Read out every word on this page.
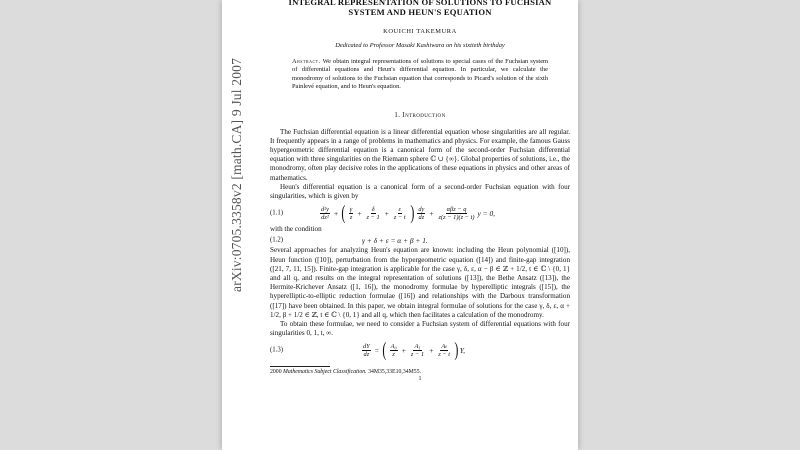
INTEGRAL REPRESENTATION OF SOLUTIONS TO FUCHSIAN
SYSTEM AND HEUN'S EQUATION
KOUICHI TAKEMURA
Dedicated to Professor Masaki Kashiwara on his sixtieth birthday
Abstract. We obtain integral representations of solutions to special cases of the Fuchsian system of differential equations and Heun's differential equation. In particular, we calculate the monodromy of solutions to the Fuchsian equation that corresponds to Picard's solution of the sixth Painlevé equation, and to Heun's equation.
1. Introduction
The Fuchsian differential equation is a linear differential equation whose singularities are all regular. It frequently appears in a range of problems in mathematics and physics. For example, the famous Gauss hypergeometric differential equation is a canonical form of the second-order Fuchsian differential equation with three singularities on the Riemann sphere ℂ ∪ {∞}. Global properties of solutions, i.e., the monodromy, often play decisive roles in the applications of these equations in physics and other areas of mathematics.
Heun's differential equation is a canonical form of a second-order Fuchsian equation with four singularities, which is given by
(1.1)	$\frac{\text{d²y}}{\text{dz²}}$ + ( $\frac{\gamma}{z} + \frac{\delta}{z - 1} + \frac{\varepsilon}{z - t}$ ) $\frac{dy}{dz} + \frac{\text{αβz − q}}{z(z - 1)(z - t)}$ y = 0,
with the condition
(1.2)	γ + δ + ε = α + β + 1.
Several approaches for analyzing Heun's equation are known: including the Heun polynomial ([10]), Heun function ([10]), perturbation from the hypergeometric equation ([14]) and finite-gap integration ([21, 7, 11, 15]). Finite-gap integration is applicable for the case γ, δ, ε, α − β ∈ ℤ + 1/2, t ∈ ℂ \ {0, 1} and all q, and results on the integral representation of solutions ([13]), the Bethe Ansatz ([13]), the Hermite-Krichever Ansatz ([1, 16]), the monodromy formulae by hyperelliptic integrals ([15]), the hyperelliptic-to-elliptic reduction formulae ([16]) and relationships with the Darboux transformation ([17]) have been obtained. In this paper, we obtain integral formulae of solutions for the case γ, δ, ε, α + 1/2, β + 1/2 ∈ ℤ, t ∈ ℂ \ {0, 1} and all q, which then facilitates a calculation of the monodromy.
To obtain these formulae, we need to consider a Fuchsian system of differential equations with four singularities 0, 1, t, ∞.
(1.3)	$\frac{dY}{dz}$ = ( $\frac{\text{A₀}}{z} + \frac{\text{A₁}}{z - 1} + \frac{\text{Aₜ}}{z - t}$ ) Y,
2000 Mathematics Subject Classification. 34M35,33E10,34M55.
1
arXiv:0705.3358v2 [math.CA] 9 Jul 2007
